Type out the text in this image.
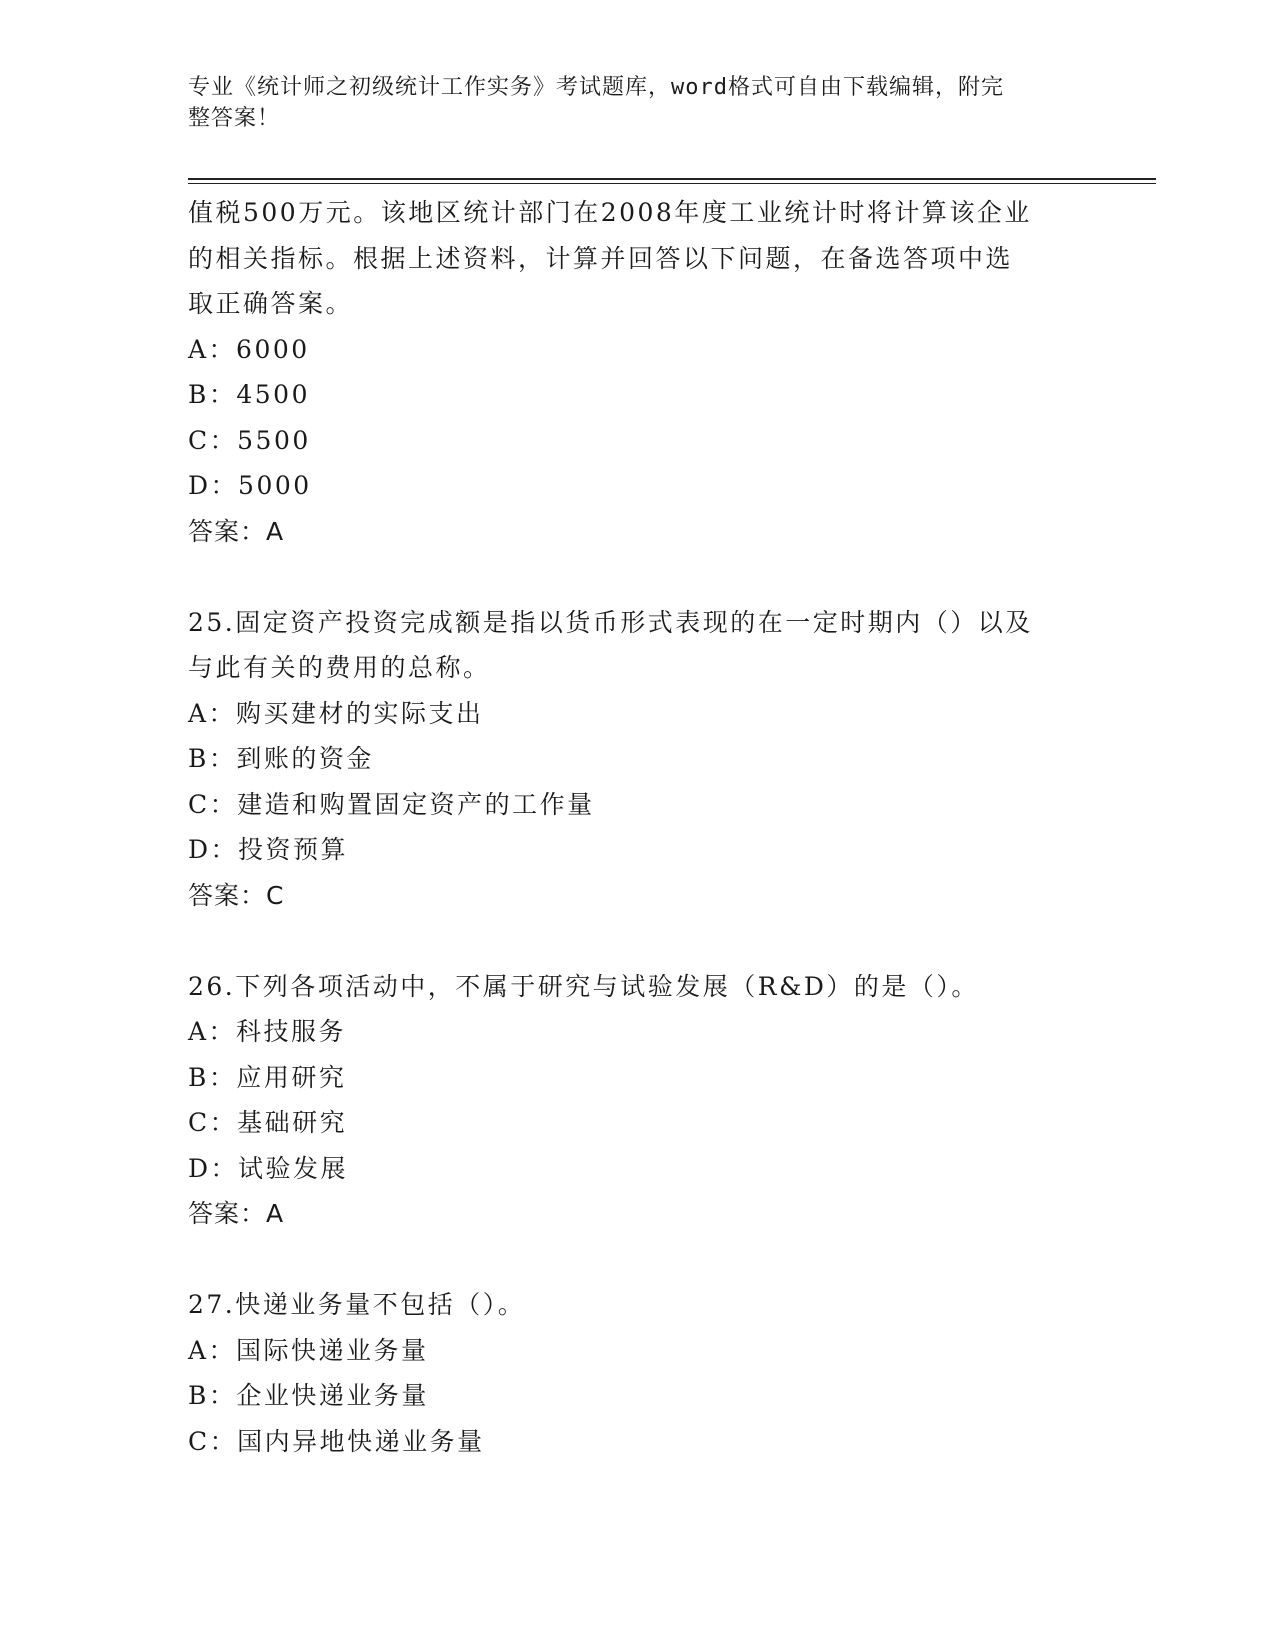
专业《统计师之初级统计工作实务》考试题库，word格式可自由下载编辑，附完
整答案！
值税500万元。该地区统计部门在2008年度工业统计时将计算该企业
的相关指标。根据上述资料，计算并回答以下问题，在备选答项中选
取正确答案。
A：6000
B：4500
C：5500
D：5000
答案：A
25.固定资产投资完成额是指以货币形式表现的在一定时期内（）以及
与此有关的费用的总称。
A：购买建材的实际支出
B：到账的资金
C：建造和购置固定资产的工作量
D：投资预算
答案：C
26.下列各项活动中，不属于研究与试验发展（R&D）的是（）。
A：科技服务
B：应用研究
C：基础研究
D：试验发展
答案：A
27.快递业务量不包括（）。
A：国际快递业务量
B：企业快递业务量
C：国内异地快递业务量
